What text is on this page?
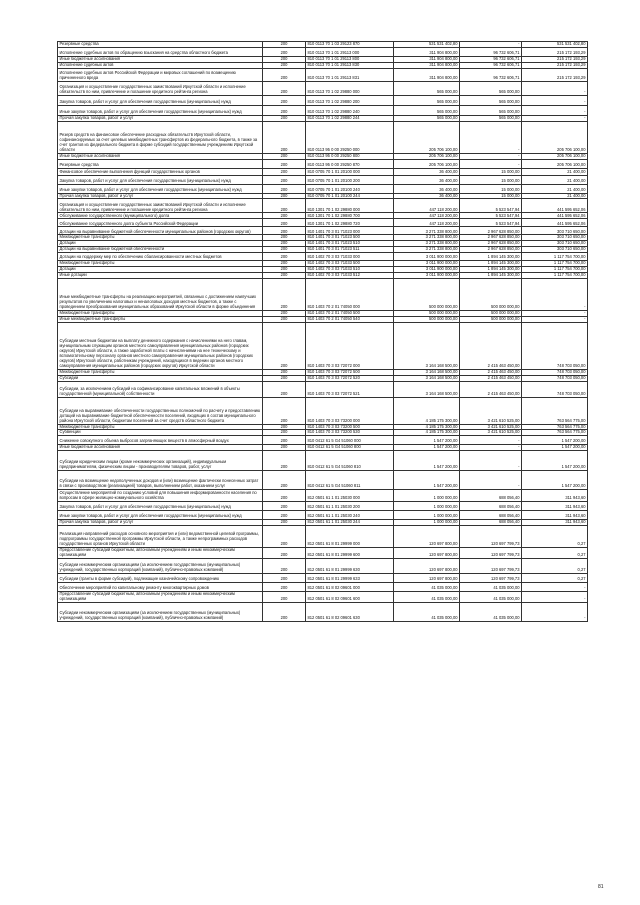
Резервные средства	200	810 0113 70 1 03 29123 870	531 531 402,80	-	531 531 402,80
Исполнение судебных актов по обращению взыскания на средства областного бюджета	200	810 0113 70 1 01 29113 000	311 904 800,00	96 732 606,71	215 172 193,29
Иные бюджетные ассигнования	200	810 0113 70 1 01 29113 800	311 904 800,00	96 732 606,71	215 172 193,29
Исполнение судебных актов	200	810 0113 70 1 01 29113 830	311 904 800,00	96 732 606,71	215 172 193,29
Исполнение судебных актов Российской Федерации и мировых соглашений по возмещению причиненного вреда	200	810 0113 70 1 01 29113 831	311 904 800,00	96 732 606,71	215 172 193,29
Организация и осуществление государственных заимствований Иркутской области и исполнение обязательств по ним, привлечение и погашение кредитного рейтинга региона	200	810 0113 70 1 02 29880 000	565 000,00	565 000,00	-
Закупка товаров, работ и услуг для обеспечения государственных (муниципальных) нужд	200	810 0113 70 1 02 29880 200	565 000,00	565 000,00	-
Иные закупки товаров, работ и услуг для обеспечения государственных (муниципальных) нужд	200	810 0113 70 1 02 29880 240	565 000,00	565 000,00	-
Прочая закупка товаров, работ и услуг	200	810 0113 70 1 02 29880 244	565 000,00	565 000,00	-
Резерв средств на финансовое обеспечение расходных обязательств Иркутской области, софинансируемых за счет целевых межбюджетных трансфертов из федерального бюджета, в также за счет грантов из федерального бюджета в форме субсидий государственным учреждениям Иркутской области	200	810 0113 95 0 00 29250 000	205 706 100,00	-	205 706 100,00
Иные бюджетные ассигнования	200	810 0113 95 0 00 29250 800	205 706 100,00	-	205 706 100,00
Резервные средства	200	810 0113 95 0 00 29250 870	205 706 100,00	-	205 706 100,00
Финансовое обеспечение выполнения функций государственных органов	200	810 0705 70 1 01 20100 000	36 400,00	15 000,00	21 400,00
Закупка товаров, работ и услуг для обеспечения государственных (муниципальных) нужд	200	810 0705 70 1 01 20100 200	36 400,00	15 000,00	21 400,00
Иные закупки товаров, работ и услуг для обеспечения государственных (муниципальных) нужд	200	810 0705 70 1 01 20100 240	36 400,00	15 000,00	21 400,00
Прочая закупка товаров, работ и услуг	200	810 0705 70 1 01 20100 244	36 400,00	15 000,00	21 400,00
Организация и осуществление государственных заимствований Иркутской области и исполнение обязательств по ним, привлечение и погашение кредитного рейтинга региона	200	810 1301 70 1 02 29880 000	447 118 200,00	5 523 547,94	441 595 652,06
Обслуживание государственного (муниципального) долга	200	810 1301 70 1 02 29880 700	447 118 200,00	5 523 547,94	441 595 652,06
Обслуживание государственного долга субъекта Российской Федерации	200	810 1301 70 1 02 29880 720	447 118 200,00	5 523 547,94	441 595 652,06
Дотации на выравнивание бюджетной обеспеченности муниципальных районов (городских округов)	200	810 1401 70 3 01 71023 000	3 271 338 800,00	2 967 628 850,00	303 710 650,00
Межбюджетные трансферты	200	810 1401 70 3 01 71023 500	3 271 338 800,00	2 967 628 850,00	303 710 650,00
Дотации	200	810 1401 70 3 01 71023 510	3 271 338 800,00	2 967 628 850,00	303 710 650,00
Дотации на выравнивание бюджетной обеспеченности	200	810 1401 70 3 01 71023 511	3 271 338 800,00	2 967 628 850,00	303 710 650,00
Дотации на поддержку мер по обеспечению сбалансированности местных бюджетов	200	810 1402 70 3 03 71033 000	3 011 900 000,00	1 894 145 300,00	1 117 754 700,00
Межбюджетные трансферты	200	810 1402 70 3 03 71033 500	3 011 900 000,00	1 894 145 300,00	1 117 754 700,00
Дотации	200	810 1402 70 3 03 71033 510	3 011 900 000,00	1 894 145 300,00	1 117 754 700,00
Иные дотации	200	810 1402 70 3 03 71033 512	3 011 900 000,00	1 894 145 300,00	1 117 754 700,00
Иные межбюджетные трансферты на реализацию мероприятий, связанных с достижением наилучших результатов по увеличению налоговых и неналоговых доходов местных бюджетов, а также с проведением преобразования муниципальных образований Иркутской области в форме объединения	200	810 1403 70 2 01 74050 000	500 000 000,00	500 000 000,00	-
Межбюджетные трансферты	200	810 1403 70 2 01 74050 500	500 000 000,00	500 000 000,00	-
Иные межбюджетные трансферты	200	810 1403 70 2 01 74050 540	500 000 000,00	500 000 000,00	-
Субсидии местным бюджетам на выплату денежного содержания с начислениями на него главам, муниципальным служащим органов местного самоуправления муниципальных районов (городских округов) Иркутской области, а также заработной платы с начислениями на нее техническому и вспомогательному персоналу органов местного самоуправления муниципальных районов (городских округов) Иркутской области, работникам учреждений, находящихся в ведении органов местного самоуправления муниципальных районов (городских округов) Иркутской области	200	810 1403 70 3 03 72072 000	3 164 168 500,00	2 415 463 450,00	748 703 050,00
Межбюджетные трансферты	200	810 1403 70 3 03 72072 500	3 164 168 500,00	2 415 463 450,00	748 703 050,00
Субсидии	200	810 1403 70 3 03 72072 520	3 164 168 500,00	2 415 463 450,00	748 703 050,00
Субсидии, за исключением субсидий на софинансирование капитальных вложений в объекты государственной (муниципальной) собственности	200	810 1403 70 3 03 72072 521	3 164 168 500,00	2 415 463 450,00	748 703 050,00
Субсидии на выравнивание обеспеченности государственных полномочий по расчету и предоставлению дотаций на выравнивание бюджетной обеспеченности поселений, входящих в состав муниципального района Иркутской области, бюджетам поселений за счет средств областного бюджета	200	810 1403 70 3 03 73200 000	4 185 175 300,00	3 421 610 525,00	763 564 775,00
Межбюджетные трансферты	200	810 1403 70 3 03 73200 500	4 185 175 300,00	3 421 610 525,00	763 564 775,00
Субвенции	200	810 1403 70 3 03 73200 530	4 185 175 300,00	3 421 610 525,00	763 564 775,00
Снижение совокупного объема выбросов загрязняющих веществ в атмосферный воздух	200	810 0412 61 5 G4 51060 000	1 547 200,00	-	1 547 200,00
Иные бюджетные ассигнования	200	810 0412 61 5 G4 51060 800	1 547 200,00	-	1 547 200,00
Субсидии юридическим лицам (кроме некоммерческих организаций), индивидуальным предпринимателям, физическим лицам - производителям товаров, работ, услуг	200	810 0412 61 5 G4 51060 810	1 547 200,00	-	1 547 200,00
Субсидии на возмещение недополученных доходов и (или) возмещение фактически понесенных затрат в связи с производством (реализацией) товаров, выполнением работ, оказанием услуг	200	810 0412 61 5 G4 51060 811	1 547 200,00	-	1 547 200,00
Осуществление мероприятий по созданию условий для повышения информированности населения по вопросам в сфере жилищно-коммунального хозяйства	200	812 0501 61 1 01 25030 000	1 000 000,00	688 056,40	311 943,60
Закупка товаров, работ и услуг для обеспечения государственных (муниципальных) нужд	200	812 0501 61 1 01 25030 200	1 000 000,00	688 056,40	311 943,60
Иные закупки товаров, работ и услуг для обеспечения государственных (муниципальных) нужд	200	812 0501 61 1 01 25030 240	1 000 000,00	688 056,40	311 943,60
Прочая закупка товаров, работ и услуг	200	812 0501 61 1 01 25030 244	1 000 000,00	688 056,40	311 943,60
Реализация направлений расходов основного мероприятия и (или) ведомственной целевой программы, подпрограммы государственной программы Иркутской области, а также непрограммных расходов государственных органов Иркутской области	200	812 0501 61 8 01 29999 000	120 697 800,00	120 697 799,73	0,27
Предоставление субсидий бюджетным, автономным учреждениям и иным некоммерческим организациям	200	812 0501 61 8 01 29999 600	120 697 800,00	120 697 799,73	0,27
Субсидии некоммерческим организациям (за исключением государственных (муниципальных) учреждений, государственных корпораций (компаний), публично-правовых компаний)	200	812 0501 61 8 01 29999 630	120 697 800,00	120 697 799,73	0,27
Субсидии (гранты в форме субсидий), подлежащие казначейскому сопровождению	200	812 0501 61 8 01 29999 633	120 697 800,00	120 697 799,73	0,27
Обеспечение мероприятий по капитальному ремонту многоквартирных домов	200	812 0501 61 8 02 09601 000	41 035 000,00	41 035 000,00	-
Предоставление субсидий бюджетным, автономным учреждениям и иным некоммерческим организациям	200	812 0501 61 8 02 09601 600	41 035 000,00	41 035 000,00	-
Субсидии некоммерческим организациям (за исключением государственных (муниципальных) учреждений, государственных корпораций (компаний), публично-правовых компаний)	200	812 0501 61 8 02 09601 630	41 035 000,00	41 035 000,00	-
81
